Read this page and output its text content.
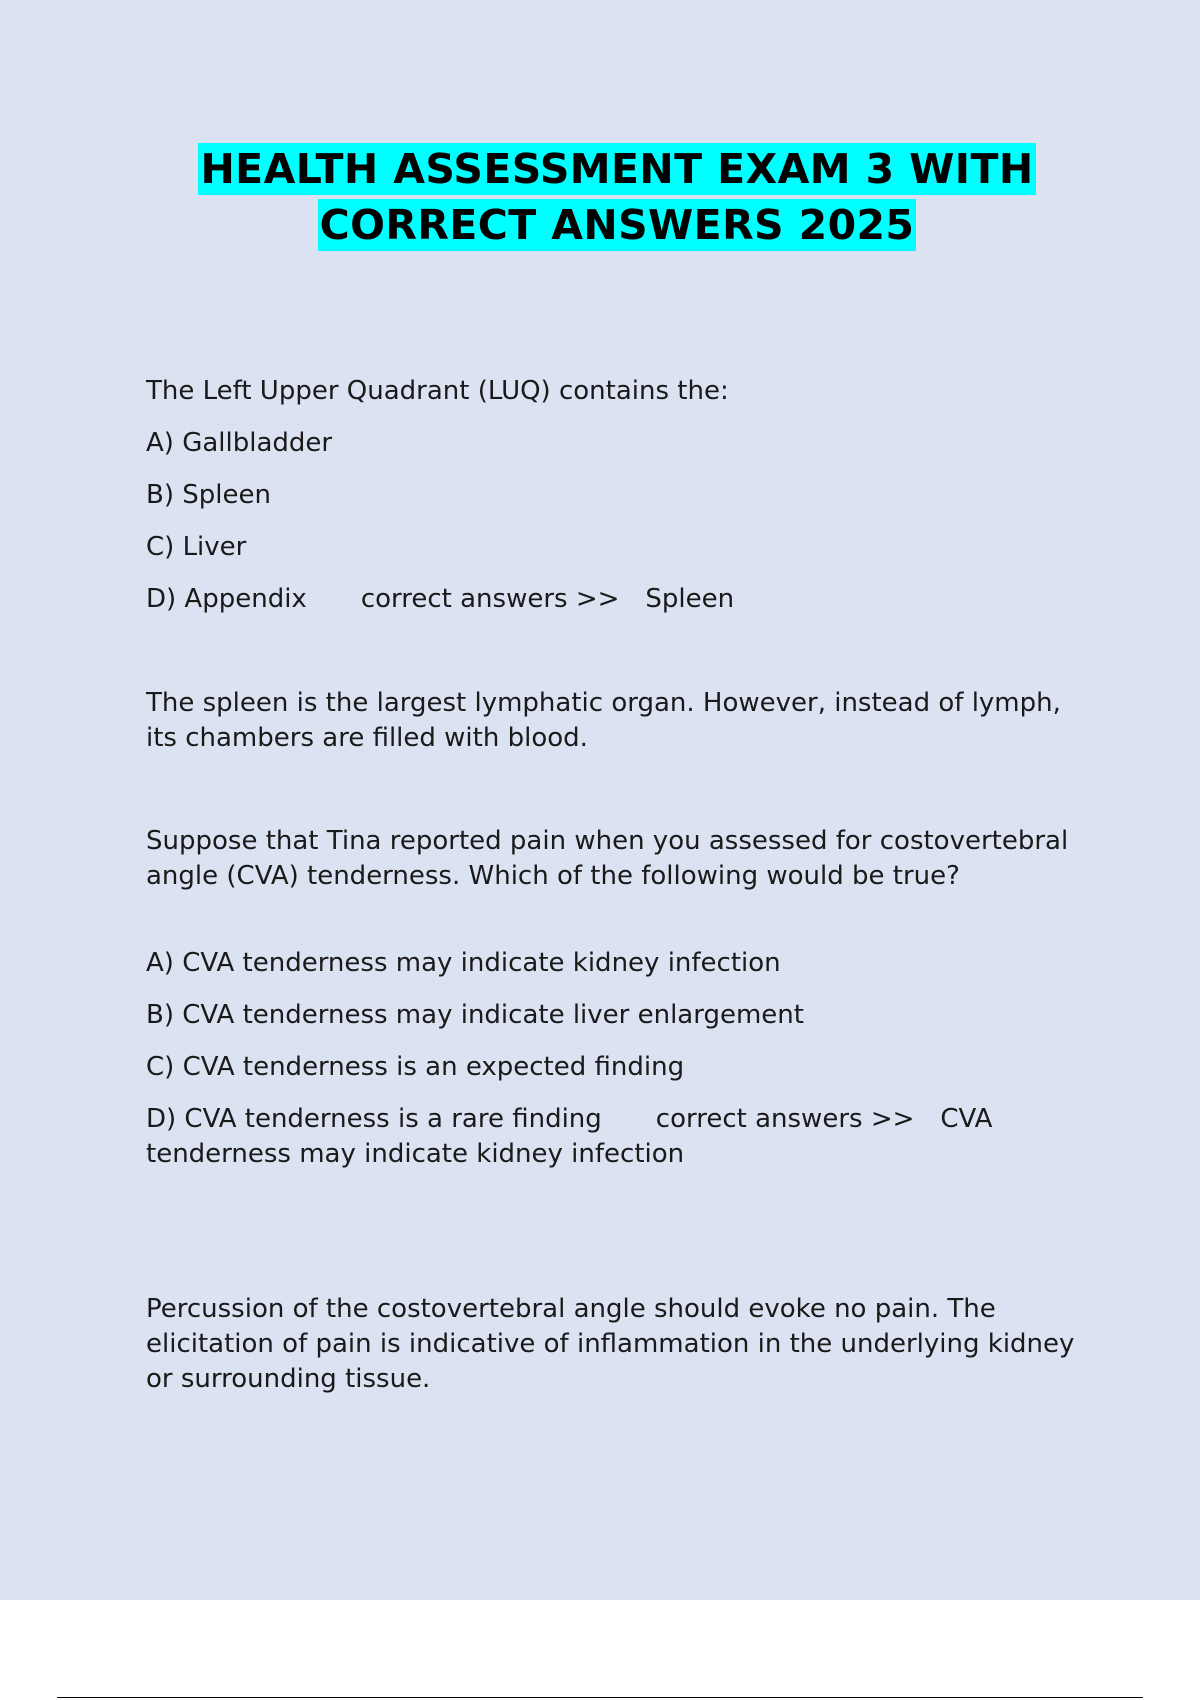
HEALTH ASSESSMENT EXAM 3 WITH
CORRECT ANSWERS 2025
The Left Upper Quadrant (LUQ) contains the:
A) Gallbladder
B) Spleen
C) Liver
D) Appendix correct answers >> Spleen
The spleen is the largest lymphatic organ. However, instead of lymph, its chambers are filled with blood.
Suppose that Tina reported pain when you assessed for costovertebral angle (CVA) tenderness. Which of the following would be true?
A) CVA tenderness may indicate kidney infection
B) CVA tenderness may indicate liver enlargement
C) CVA tenderness is an expected finding
D) CVA tenderness is a rare finding correct answers >> CVA tenderness may indicate kidney infection
Percussion of the costovertebral angle should evoke no pain. The elicitation of pain is indicative of inflammation in the underlying kidney or surrounding tissue.
